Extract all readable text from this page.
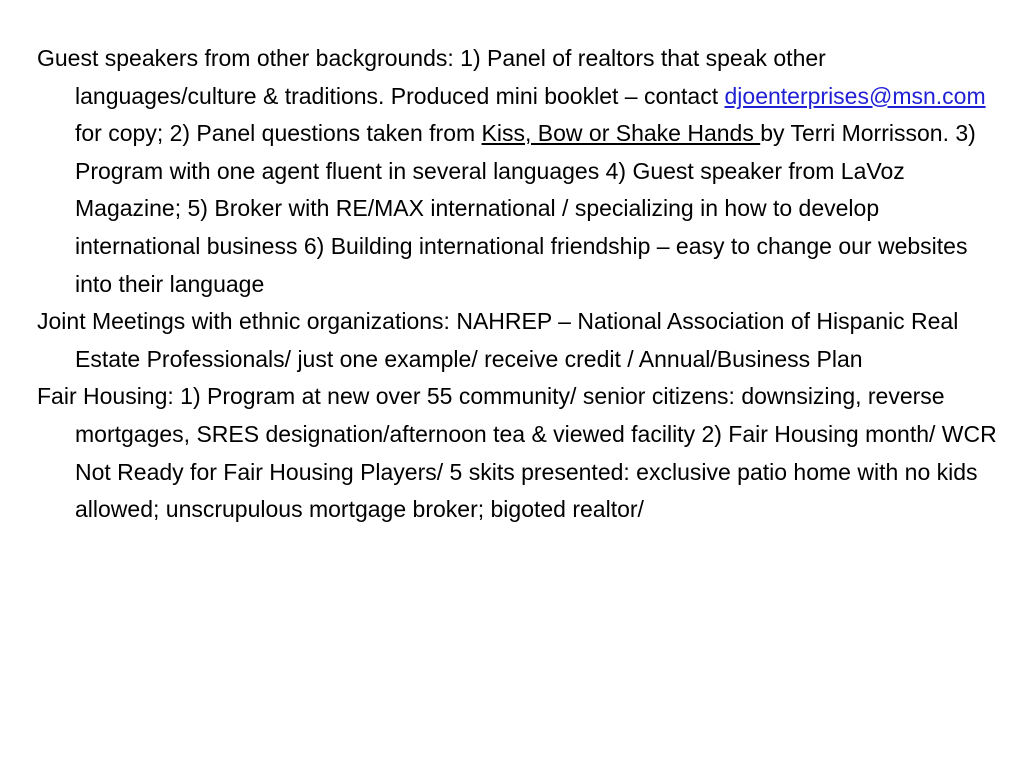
Guest speakers from other backgrounds: 1) Panel of realtors that speak other languages/culture & traditions. Produced mini booklet – contact djoenterprises@msn.com for copy; 2) Panel questions taken from Kiss, Bow or Shake Hands by Terri Morrisson. 3) Program with one agent fluent in several languages 4) Guest speaker from LaVoz Magazine; 5) Broker with RE/MAX international / specializing in how to develop international business 6) Building international friendship – easy to change our websites into their language

Joint Meetings with ethnic organizations: NAHREP – National Association of Hispanic Real Estate Professionals/ just one example/ receive credit / Annual/Business Plan

Fair Housing: 1) Program at new over 55 community/ senior citizens: downsizing, reverse mortgages, SRES designation/afternoon tea & viewed facility 2) Fair Housing month/ WCR Not Ready for Fair Housing Players/ 5 skits presented: exclusive patio home with no kids allowed; unscrupulous mortgage broker; bigoted realtor/
